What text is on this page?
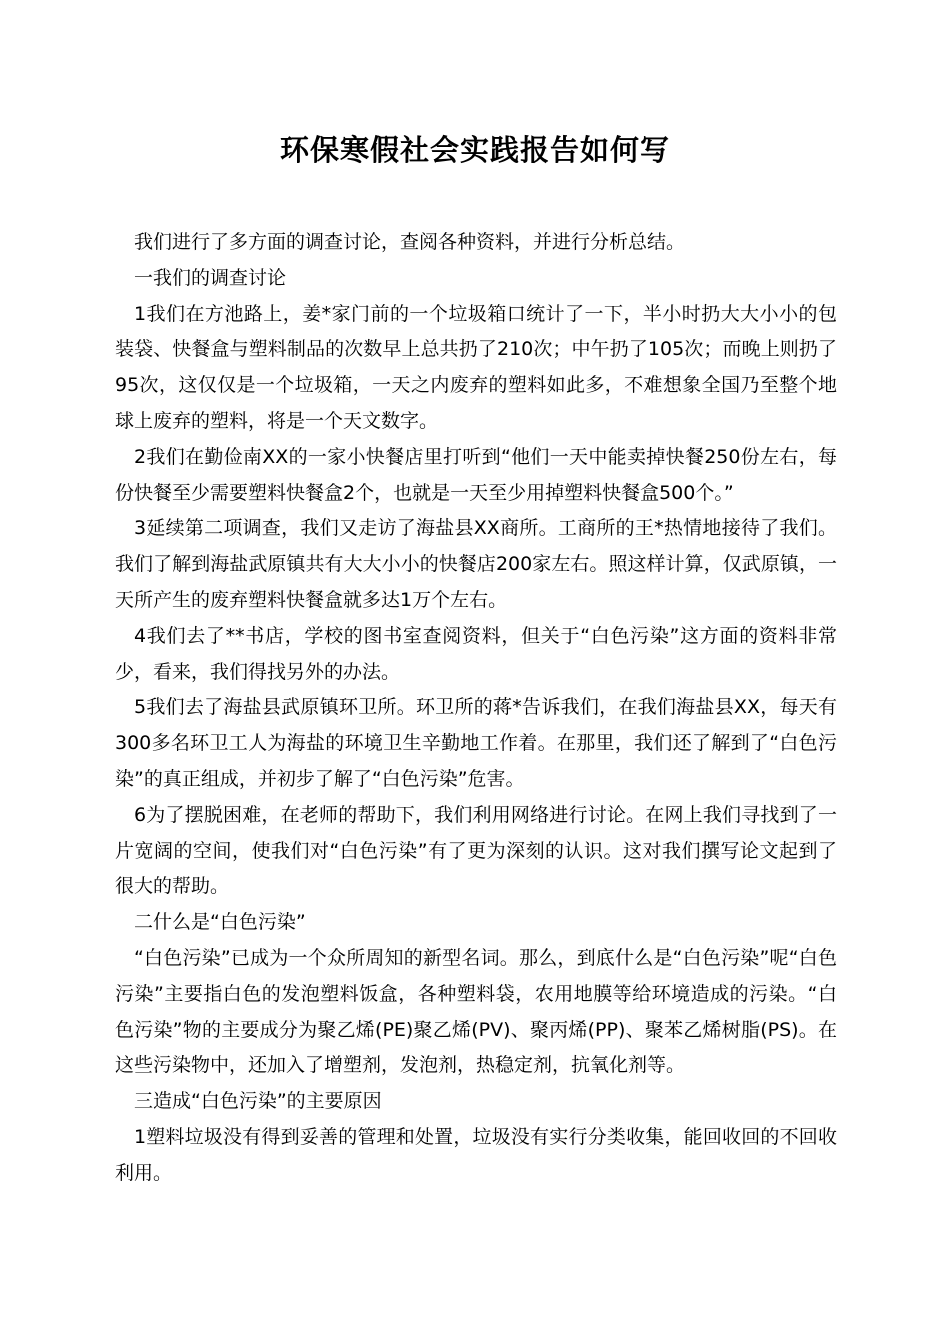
环保寒假社会实践报告如何写

我们进行了多方面的调查讨论，查阅各种资料，并进行分析总结。

一我们的调查讨论

1我们在方池路上，姜*家门前的一个垃圾箱口统计了一下，半小时扔大大小小的包装袋、快餐盒与塑料制品的次数早上总共扔了210次；中午扔了105次；而晚上则扔了95次，这仅仅是一个垃圾箱，一天之内废弃的塑料如此多，不难想象全国乃至整个地球上废弃的塑料，将是一个天文数字。

2我们在勤俭南XX的一家小快餐店里打听到“他们一天中能卖掉快餐250份左右，每份快餐至少需要塑料快餐盒2个，也就是一天至少用掉塑料快餐盒500个。”

3延续第二项调查，我们又走访了海盐县XX商所。工商所的王*热情地接待了我们。我们了解到海盐武原镇共有大大小小的快餐店200家左右。照这样计算，仅武原镇，一天所产生的废弃塑料快餐盒就多达1万个左右。

4我们去了**书店，学校的图书室查阅资料，但关于“白色污染”这方面的资料非常少，看来，我们得找另外的办法。

5我们去了海盐县武原镇环卫所。环卫所的蒋*告诉我们，在我们海盐县XX，每天有300多名环卫工人为海盐的环境卫生辛勤地工作着。在那里，我们还了解到了“白色污染”的真正组成，并初步了解了“白色污染”危害。

6为了摆脱困难，在老师的帮助下，我们利用网络进行讨论。在网上我们寻找到了一片宽阔的空间，使我们对“白色污染”有了更为深刻的认识。这对我们撰写论文起到了很大的帮助。

二什么是“白色污染”

“白色污染”已成为一个众所周知的新型名词。那么，到底什么是“白色污染”呢“白色污染”主要指白色的发泡塑料饭盒，各种塑料袋，农用地膜等给环境造成的污染。“白色污染”物的主要成分为聚乙烯(PE)聚乙烯(PV)、聚丙烯(PP)、聚苯乙烯树脂(PS)。在这些污染物中，还加入了增塑剂，发泡剂，热稳定剂，抗氧化剂等。

三造成“白色污染”的主要原因

1塑料垃圾没有得到妥善的管理和处置，垃圾没有实行分类收集，能回收回的不回收利用。
